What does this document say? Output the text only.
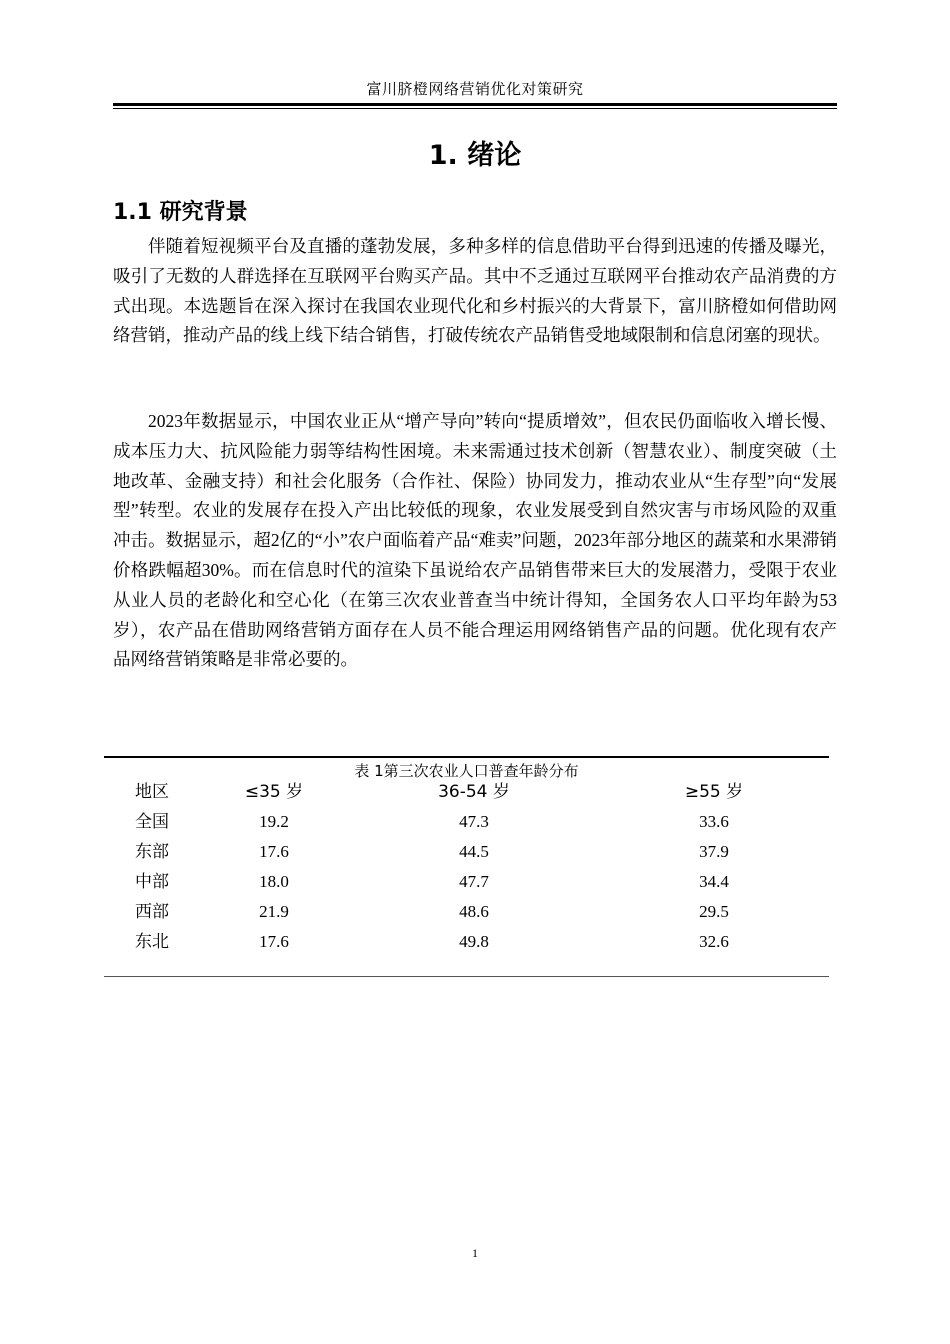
富川脐橙网络营销优化对策研究
1. 绪论
1.1 研究背景

伴随着短视频平台及直播的蓬勃发展，多种多样的信息借助平台得到迅速的传播及曝光，吸引了无数的人群选择在互联网平台购买产品。其中不乏通过互联网平台推动农产品消费的方式出现。本选题旨在深入探讨在我国农业现代化和乡村振兴的大背景下，富川脐橙如何借助网络营销，推动产品的线上线下结合销售，打破传统农产品销售受地域限制和信息闭塞的现状。

2023年数据显示，中国农业正从“增产导向”转向“提质增效”，但农民仍面临收入增长慢、成本压力大、抗风险能力弱等结构性困境。未来需通过技术创新（智慧农业）、制度突破（土地改革、金融支持）和社会化服务（合作社、保险）协同发力，推动农业从“生存型”向“发展型”转型。农业的发展存在投入产出比较低的现象，农业发展受到自然灾害与市场风险的双重冲击。数据显示，超2亿的“小”农户面临着产品“难卖”问题，2023年部分地区的蔬菜和水果滞销价格跌幅超30%。而在信息时代的渲染下虽说给农产品销售带来巨大的发展潜力，受限于农业从业人员的老龄化和空心化（在第三次农业普查当中统计得知，全国务农人口平均年龄为53岁），农产品在借助网络营销方面存在人员不能合理运用网络销售产品的问题。优化现有农产品网络营销策略是非常必要的。

表 1第三次农业人口普查年龄分布
地区	≤35 岁	36-54 岁	≥55 岁
全国	19.2	47.3	33.6
东部	17.6	44.5	37.9
中部	18.0	47.7	34.4
西部	21.9	48.6	29.5
东北	17.6	49.8	32.6
1
